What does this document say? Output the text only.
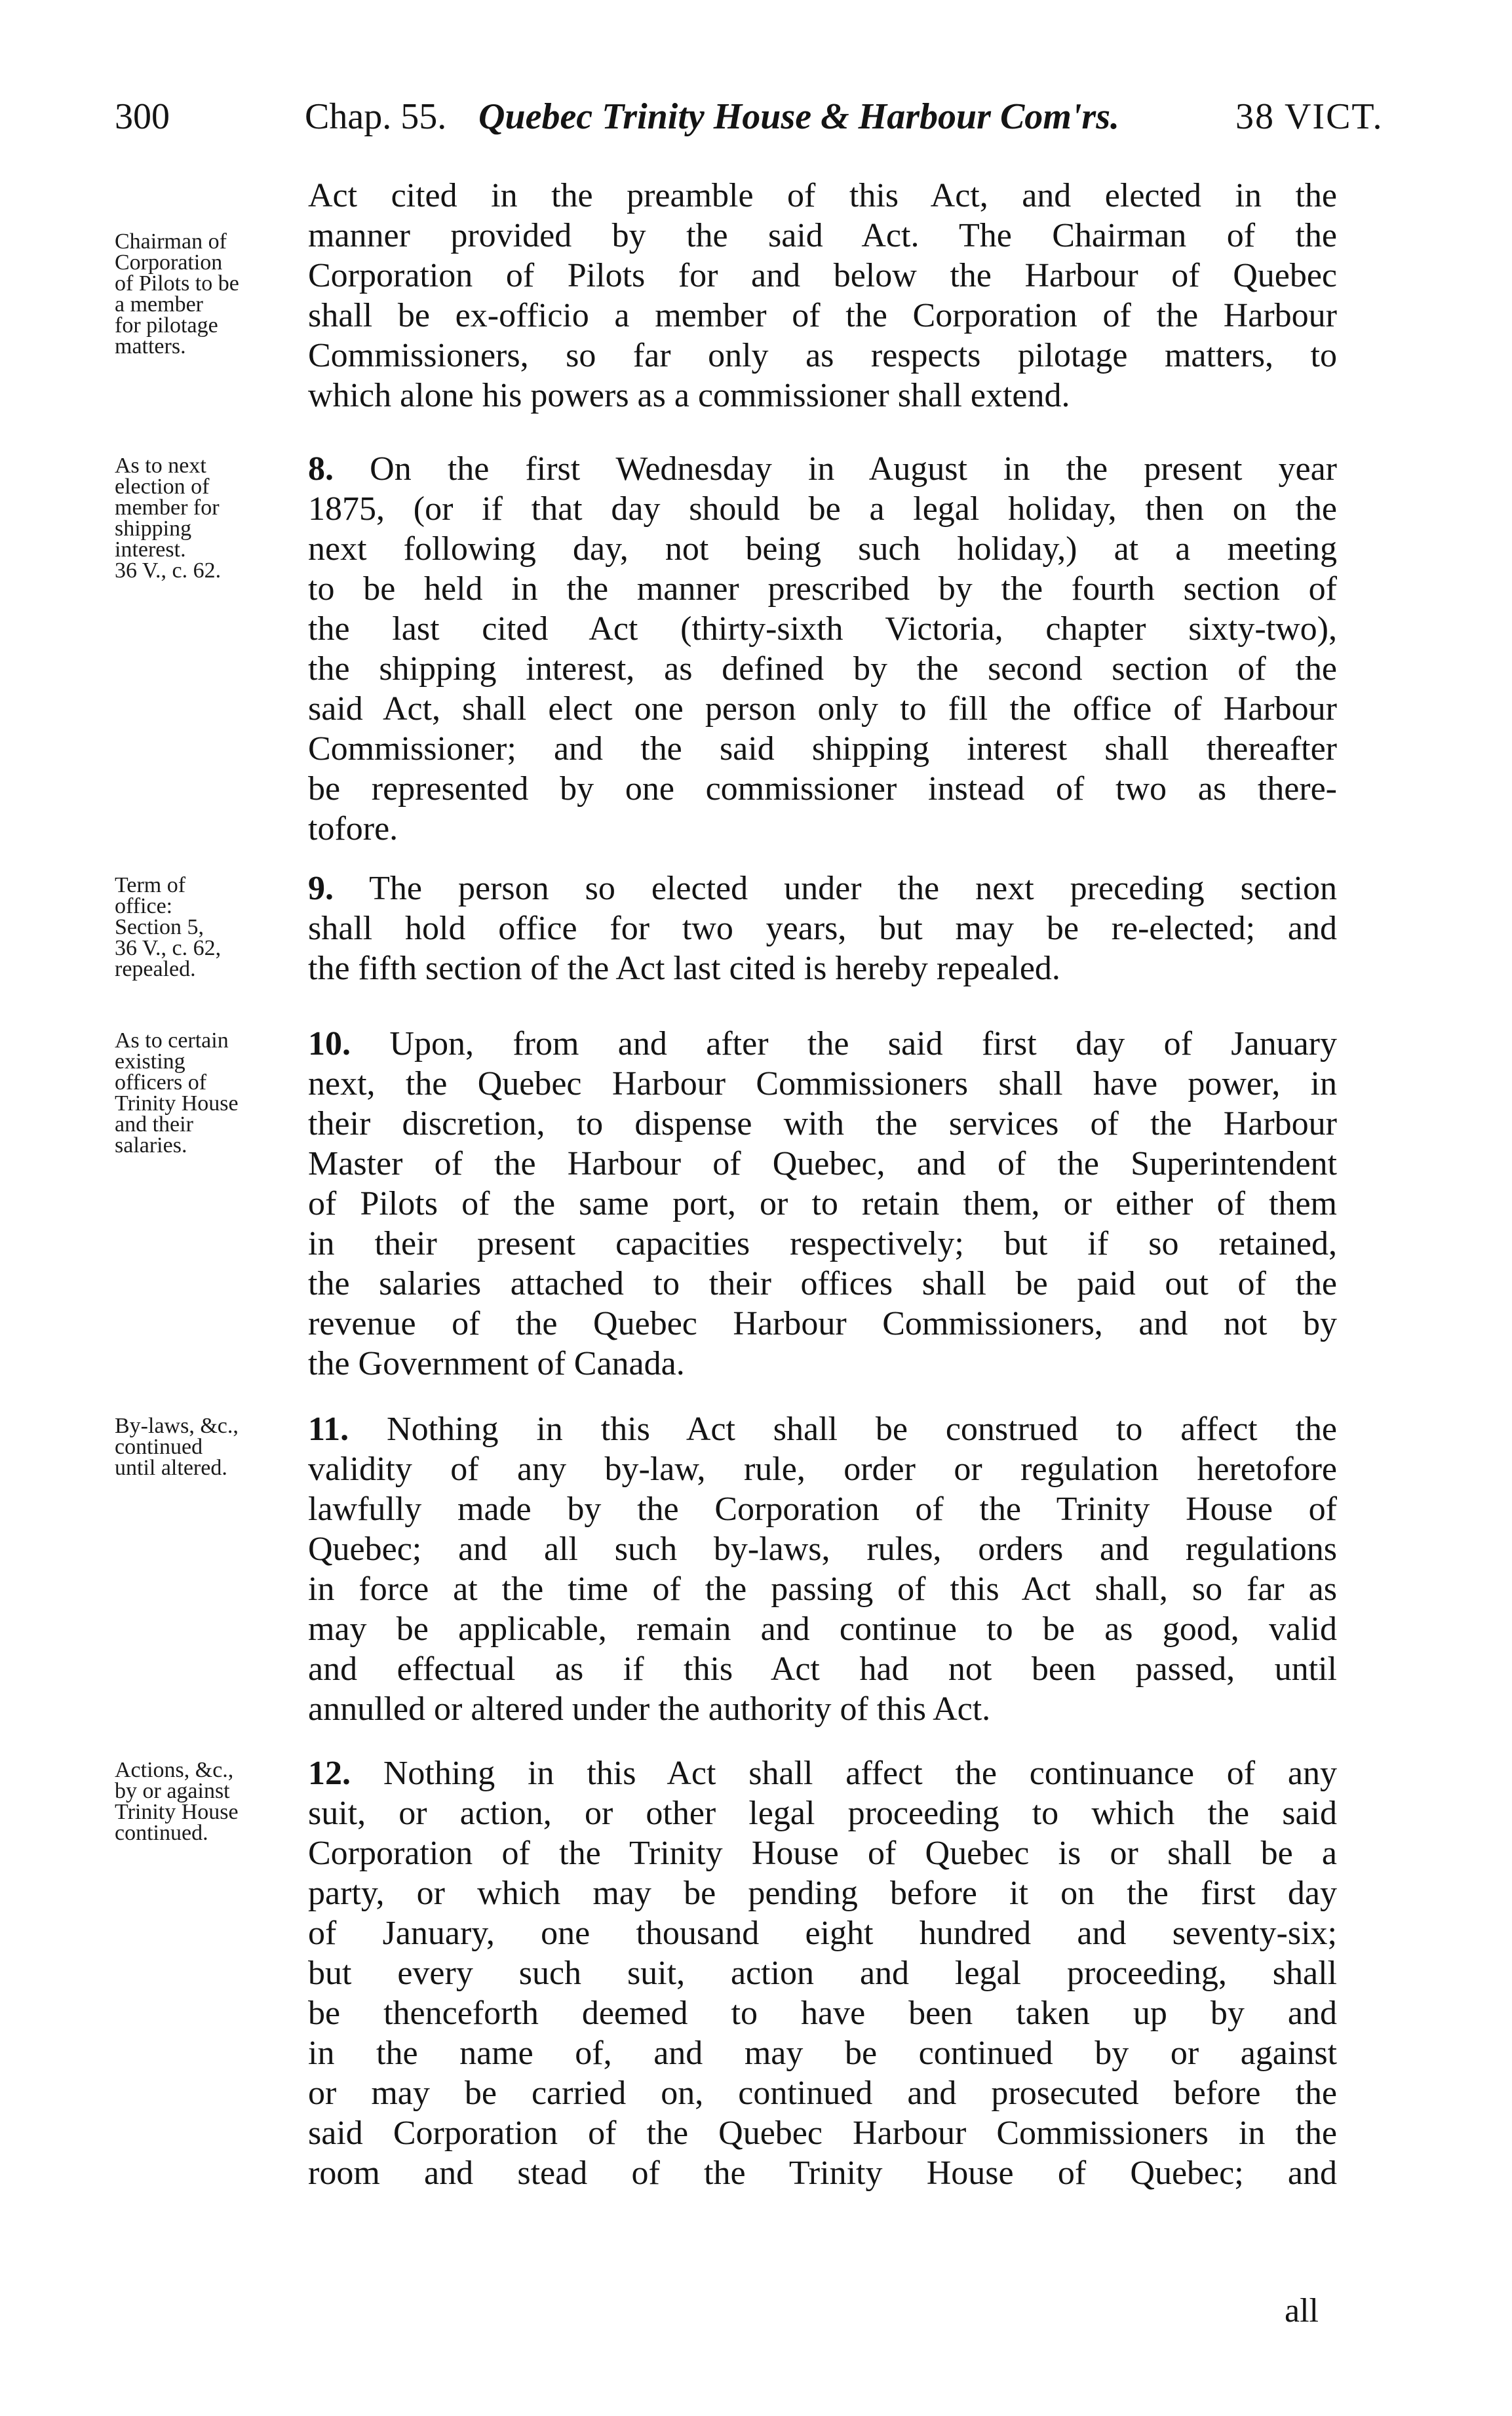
300	Chap. 55. Quebec Trinity House & Harbour Com'rs.	38 VICT.
Chairman of
Corporation
of Pilots to be
a member
for pilotage
matters.
Act cited in the preamble of this Act, and elected in the
manner provided by the said Act. The Chairman of the
Corporation of Pilots for and below the Harbour of Quebec
shall be ex-officio a member of the Corporation of the Harbour
Commissioners, so far only as respects pilotage matters, to
which alone his powers as a commissioner shall extend.
As to next
election of
member for
shipping
interest.
36 V., c. 62.
8. On the first Wednesday in August in the present year
1875, (or if that day should be a legal holiday, then on the
next following day, not being such holiday,) at a meeting
to be held in the manner prescribed by the fourth section of
the last cited Act (thirty-sixth Victoria, chapter sixty-two),
the shipping interest, as defined by the second section of the
said Act, shall elect one person only to fill the office of Harbour
Commissioner; and the said shipping interest shall thereafter
be represented by one commissioner instead of two as there-
tofore.
Term of
office:
Section 5,
36 V., c. 62,
repealed.
9. The person so elected under the next preceding section
shall hold office for two years, but may be re-elected; and
the fifth section of the Act last cited is hereby repealed.
As to certain
existing
officers of
Trinity House
and their
salaries.
10. Upon, from and after the said first day of January
next, the Quebec Harbour Commissioners shall have power, in
their discretion, to dispense with the services of the Harbour
Master of the Harbour of Quebec, and of the Superintendent
of Pilots of the same port, or to retain them, or either of them
in their present capacities respectively; but if so retained,
the salaries attached to their offices shall be paid out of the
revenue of the Quebec Harbour Commissioners, and not by
the Government of Canada.
By-laws, &c.,
continued
until altered.
11. Nothing in this Act shall be construed to affect the
validity of any by-law, rule, order or regulation heretofore
lawfully made by the Corporation of the Trinity House of
Quebec; and all such by-laws, rules, orders and regulations
in force at the time of the passing of this Act shall, so far as
may be applicable, remain and continue to be as good, valid
and effectual as if this Act had not been passed, until
annulled or altered under the authority of this Act.
Actions, &c.,
by or against
Trinity House
continued.
12. Nothing in this Act shall affect the continuance of any
suit, or action, or other legal proceeding to which the said
Corporation of the Trinity House of Quebec is or shall be a
party, or which may be pending before it on the first day
of January, one thousand eight hundred and seventy-six;
but every such suit, action and legal proceeding, shall
be thenceforth deemed to have been taken up by and
in the name of, and may be continued by or against
or may be carried on, continued and prosecuted before the
said Corporation of the Quebec Harbour Commissioners in the
room and stead of the Trinity House of Quebec; and
all
